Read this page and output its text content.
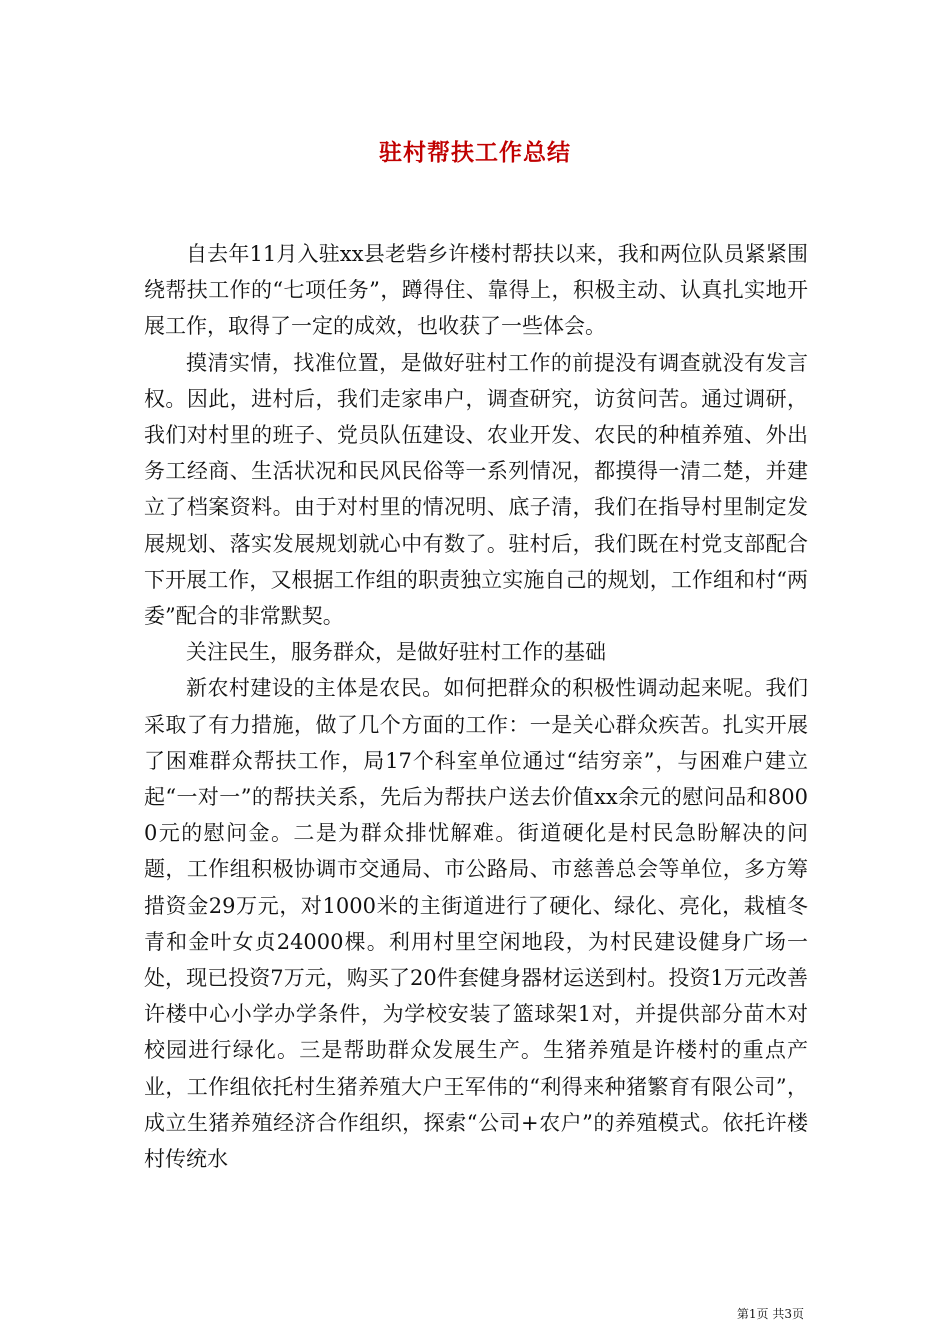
驻村帮扶工作总结

自去年11月入驻xx县老砦乡许楼村帮扶以来，我和两位队员紧紧围绕帮扶工作的“七项任务”，蹲得住、靠得上，积极主动、认真扎实地开展工作，取得了一定的成效，也收获了一些体会。

摸清实情，找准位置，是做好驻村工作的前提没有调查就没有发言权。因此，进村后，我们走家串户，调查研究，访贫问苦。通过调研，我们对村里的班子、党员队伍建设、农业开发、农民的种植养殖、外出务工经商、生活状况和民风民俗等一系列情况，都摸得一清二楚，并建立了档案资料。由于对村里的情况明、底子清，我们在指导村里制定发展规划、落实发展规划就心中有数了。驻村后，我们既在村党支部配合下开展工作，又根据工作组的职责独立实施自己的规划，工作组和村“两委”配合的非常默契。

关注民生，服务群众，是做好驻村工作的基础

新农村建设的主体是农民。如何把群众的积极性调动起来呢。我们采取了有力措施，做了几个方面的工作：一是关心群众疾苦。扎实开展了困难群众帮扶工作，局17个科室单位通过“结穷亲”，与困难户建立起“一对一”的帮扶关系，先后为帮扶户送去价值xx余元的慰问品和8000元的慰问金。二是为群众排忧解难。街道硬化是村民急盼解决的问题，工作组积极协调市交通局、市公路局、市慈善总会等单位，多方筹措资金29万元，对1000米的主街道进行了硬化、绿化、亮化，栽植冬青和金叶女贞24000棵。利用村里空闲地段，为村民建设健身广场一处，现已投资7万元，购买了20件套健身器材运送到村。投资1万元改善许楼中心小学办学条件，为学校安装了篮球架1对，并提供部分苗木对校园进行绿化。三是帮助群众发展生产。生猪养殖是许楼村的重点产业，工作组依托村生猪养殖大户王军伟的“利得来种猪繁育有限公司”，成立生猪养殖经济合作组织，探索“公司+农户”的养殖模式。依托许楼村传统水

第1页 共3页
